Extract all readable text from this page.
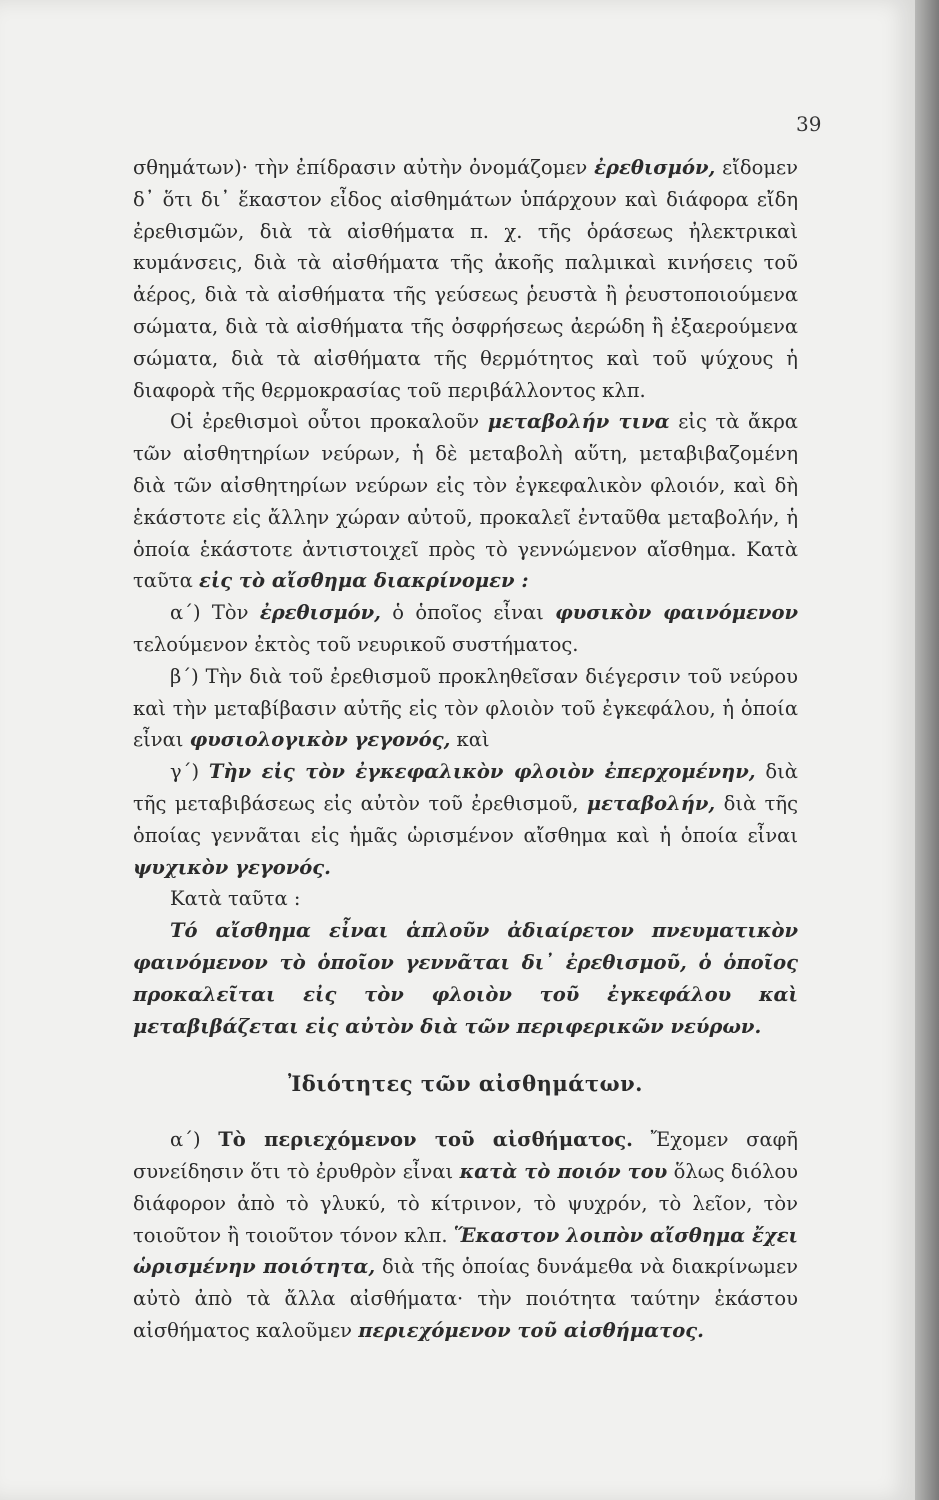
39

σθημάτων)· τὴν ἐπίδρασιν αὐτὴν ὀνομάζομεν ἐρεθισμόν, εἴδομεν δ᾽ ὅτι δι᾽ ἕκαστον εἶδος αἰσθημάτων ὑπάρχουν καὶ διάφορα εἴδη ἐρεθισμῶν, διὰ τὰ αἰσθήματα π. χ. τῆς ὁράσεως ἠλεκτρικαὶ κυμάνσεις, διὰ τὰ αἰσθήματα τῆς ἀκοῆς παλμικαὶ κινήσεις τοῦ ἀέρος, διὰ τὰ αἰσθήματα τῆς γεύσεως ῥευστὰ ἢ ῥευστοποιούμενα σώματα, διὰ τὰ αἰσθήματα τῆς ὀσφρήσεως ἀερώδη ἢ ἐξαερούμενα σώματα, διὰ τὰ αἰσθήματα τῆς θερμότητος καὶ τοῦ ψύχους ἡ διαφορὰ τῆς θερμοκρασίας τοῦ περιβάλλοντος κλπ.

Οἱ ἐρεθισμοὶ οὗτοι προκαλοῦν μεταβολήν τινα εἰς τὰ ἄκρα τῶν αἰσθητηρίων νεύρων, ἡ δὲ μεταβολὴ αὕτη, μεταβιβαζομένη διὰ τῶν αἰσθητηρίων νεύρων εἰς τὸν ἐγκεφαλικὸν φλοιόν, καὶ δὴ ἑκάστοτε εἰς ἄλλην χώραν αὐτοῦ, προκαλεῖ ἐνταῦθα μεταβολήν, ἡ ὁποία ἑκάστοτε ἀντιστοιχεῖ πρὸς τὸ γεννώμενον αἴσθημα. Κατὰ ταῦτα εἰς τὸ αἴσθημα διακρίνομεν :

α΄) Τὸν ἐρεθισμόν, ὁ ὁποῖος εἶναι φυσικὸν φαινόμενον τελούμενον ἐκτὸς τοῦ νευρικοῦ συστήματος.

β΄) Τὴν διὰ τοῦ ἐρεθισμοῦ προκληθεῖσαν διέγερσιν τοῦ νεύρου καὶ τὴν μεταβίβασιν αὐτῆς εἰς τὸν φλοιὸν τοῦ ἐγκεφάλου, ἡ ὁποία εἶναι φυσιολογικὸν γεγονός, καὶ

γ΄) Τὴν εἰς τὸν ἐγκεφαλικὸν φλοιὸν ἐπερχομένην, διὰ τῆς μεταβιβάσεως εἰς αὐτὸν τοῦ ἐρεθισμοῦ, μεταβολήν, διὰ τῆς ὁποίας γεννᾶται εἰς ἡμᾶς ὡρισμένον αἴσθημα καὶ ἡ ὁποία εἶναι ψυχικὸν γεγονός.

Κατὰ ταῦτα :

Τό αἴσθημα εἶναι ἁπλοῦν ἀδιαίρετον πνευματικὸν φαινόμενον τὸ ὁποῖον γεννᾶται δι᾽ ἐρεθισμοῦ, ὁ ὁποῖος προκαλεῖται εἰς τὸν φλοιὸν τοῦ ἐγκεφάλου καὶ μεταβιβάζεται εἰς αὐτὸν διὰ τῶν περιφερικῶν νεύρων.

Ἰδιότητες τῶν αἰσθημάτων.

α΄) Τὸ περιεχόμενον τοῦ αἰσθήματος. Ἔχομεν σαφῆ συνείδησιν ὅτι τὸ ἐρυθρὸν εἶναι κατὰ τὸ ποιόν του ὅλως διόλου διάφορον ἀπὸ τὸ γλυκύ, τὸ κίτρινον, τὸ ψυχρόν, τὸ λεῖον, τὸν τοιοῦτον ἢ τοιοῦτον τόνον κλπ. Ἕκαστον λοιπὸν αἴσθημα ἔχει ὡρισμένην ποιότητα, διὰ τῆς ὁποίας δυνάμεθα νὰ διακρίνωμεν αὐτὸ ἀπὸ τὰ ἄλλα αἰσθήματα· τὴν ποιότητα ταύτην ἑκάστου αἰσθήματος καλοῦμεν περιεχόμενον τοῦ αἰσθήματος.
